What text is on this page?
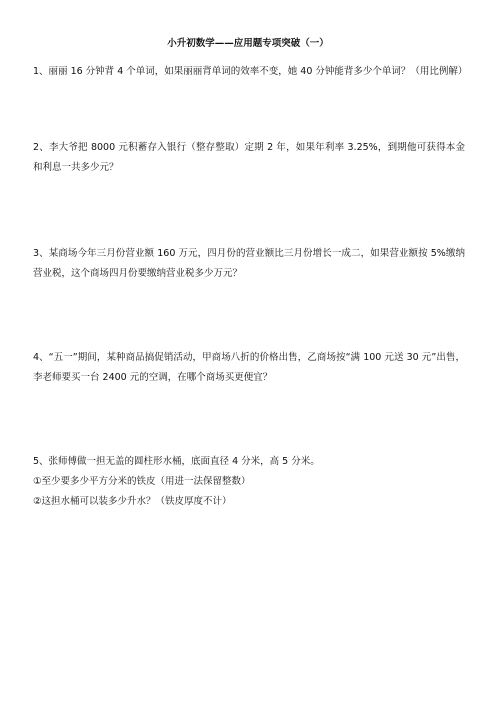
小升初数学——应用题专项突破（一）

1、丽丽 16 分钟背 4 个单词，如果丽丽背单词的效率不变，她 40 分钟能背多少个单词？（用比例解）

2、李大爷把 8000 元积蓄存入银行（整存整取）定期 2 年，如果年利率 3.25%，到期他可获得本金和利息一共多少元？

3、某商场今年三月份营业额 160 万元，四月份的营业额比三月份增长一成二，如果营业额按 5%缴纳营业税，这个商场四月份要缴纳营业税多少万元？

4、“五一”期间，某种商品搞促销活动，甲商场八折的价格出售，乙商场按“满 100 元送 30 元”出售，李老师要买一台 2400 元的空调，在哪个商场买更便宜？

5、张师傅做一担无盖的圆柱形水桶，底面直径 4 分米，高 5 分米。
①至少要多少平方分米的铁皮（用进一法保留整数）
②这担水桶可以装多少升水？（铁皮厚度不计）
